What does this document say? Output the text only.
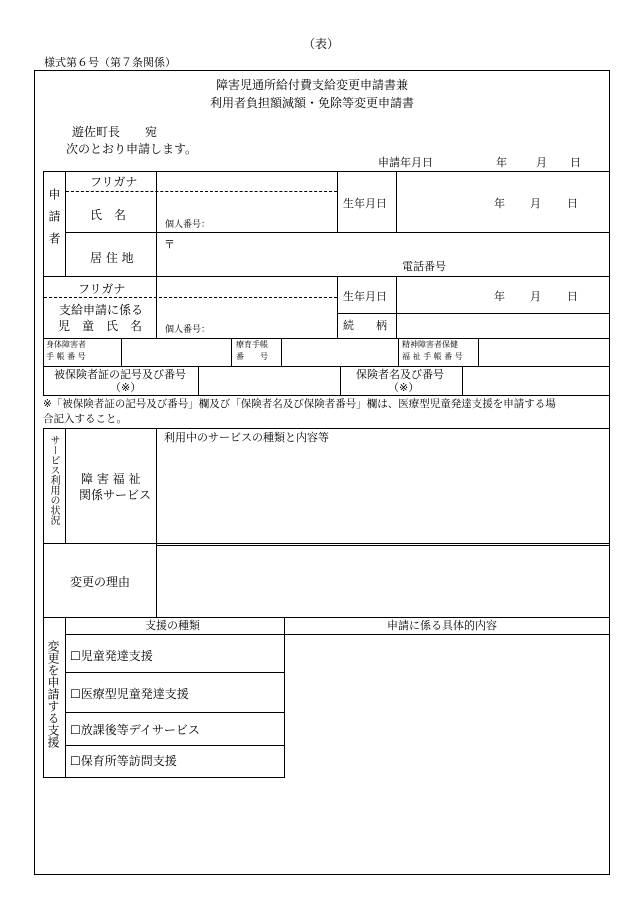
（表）
様式第６号（第７条関係）
障害児通所給付費支給変更申請書兼
利用者負担額減額・免除等変更申請書
遊佐町長 宛
次のとおり申請します。
申請年月日	年	月 日
申請者
フリガナ
氏　名
個人番号：
生年月日	年 月 日
居 住 地
〒
電話番号
フリガナ
支給申請に係る
児　童　氏　名	個人番号：
生年月日	年 月 日
続　　柄
身体障害者
手 帳 番 号
療育手帳
番　　号
精神障害者保健
福 祉 手 帳 番 号
被保険者証の記号及び番号
（※）
保険者名及び番号
（※）
※「被保険者証の記号及び番号」欄及び「保険者名及び保険者番号」欄は、医療型児童発達支援を申請する場
合記入すること。
サービス利用の状況 障 害 福 祉
関係サービス
利用中のサービスの種類と内容等
変更の理由
変更を申請する支援
支援の種類	申請に係る具体的内容
☐児童発達支援
☐医療型児童発達支援
☐放課後等デイサービス
☐保育所等訪問支援
